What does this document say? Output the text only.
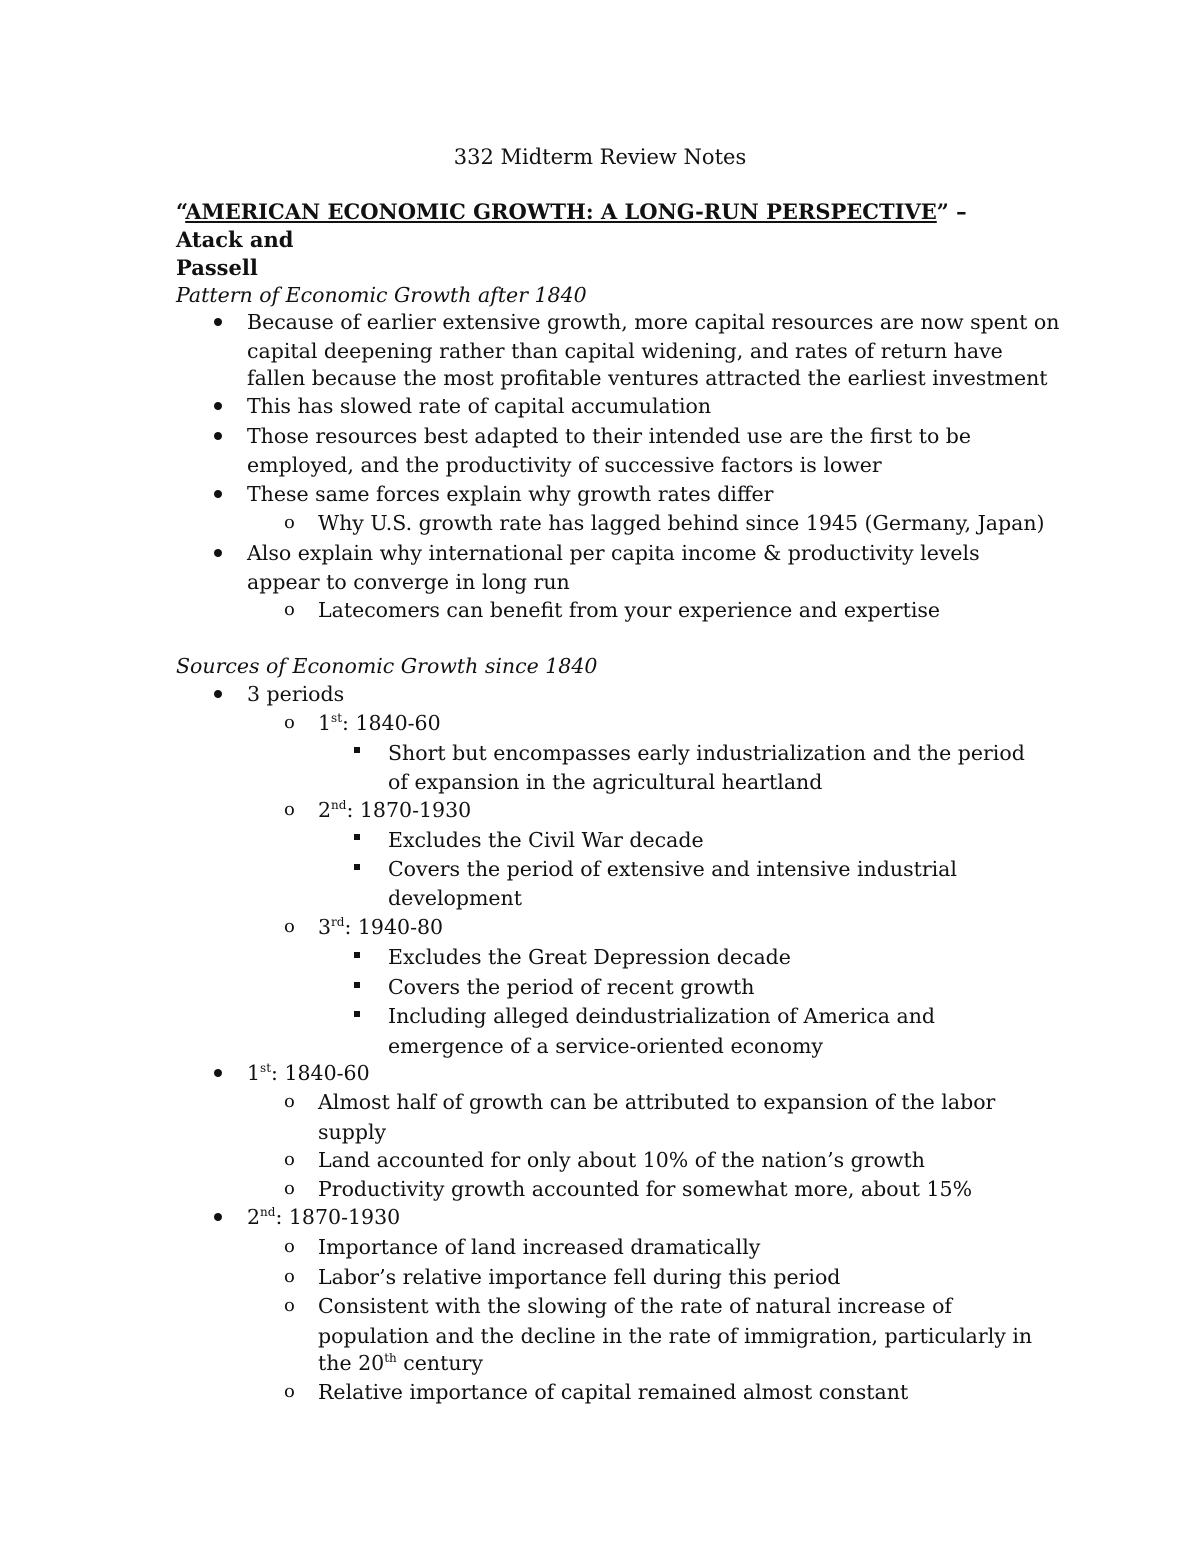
332 Midterm Review Notes
“AMERICAN ECONOMIC GROWTH: A LONG-RUN PERSPECTIVE” – Atack and
Passell
Pattern of Economic Growth after 1840
Because of earlier extensive growth, more capital resources are now spent on
capital deepening rather than capital widening, and rates of return have
fallen because the most profitable ventures attracted the earliest investment
This has slowed rate of capital accumulation
Those resources best adapted to their intended use are the first to be
employed, and the productivity of successive factors is lower
These same forces explain why growth rates differ
o Why U.S. growth rate has lagged behind since 1945 (Germany, Japan)
Also explain why international per capita income & productivity levels
appear to converge in long run
o Latecomers can benefit from your experience and expertise
Sources of Economic Growth since 1840
3 periods
o 1st: 1840-60
Short but encompasses early industrialization and the period
of expansion in the agricultural heartland
o 2nd: 1870-1930
Excludes the Civil War decade
Covers the period of extensive and intensive industrial
development
o 3rd: 1940-80
Excludes the Great Depression decade
Covers the period of recent growth
Including alleged deindustrialization of America and
emergence of a service-oriented economy
1st: 1840-60
o Almost half of growth can be attributed to expansion of the labor
supply
o Land accounted for only about 10% of the nation’s growth
o Productivity growth accounted for somewhat more, about 15%
2nd: 1870-1930
o Importance of land increased dramatically
o Labor’s relative importance fell during this period
o Consistent with the slowing of the rate of natural increase of
population and the decline in the rate of immigration, particularly in
the 20th century
o Relative importance of capital remained almost constant
